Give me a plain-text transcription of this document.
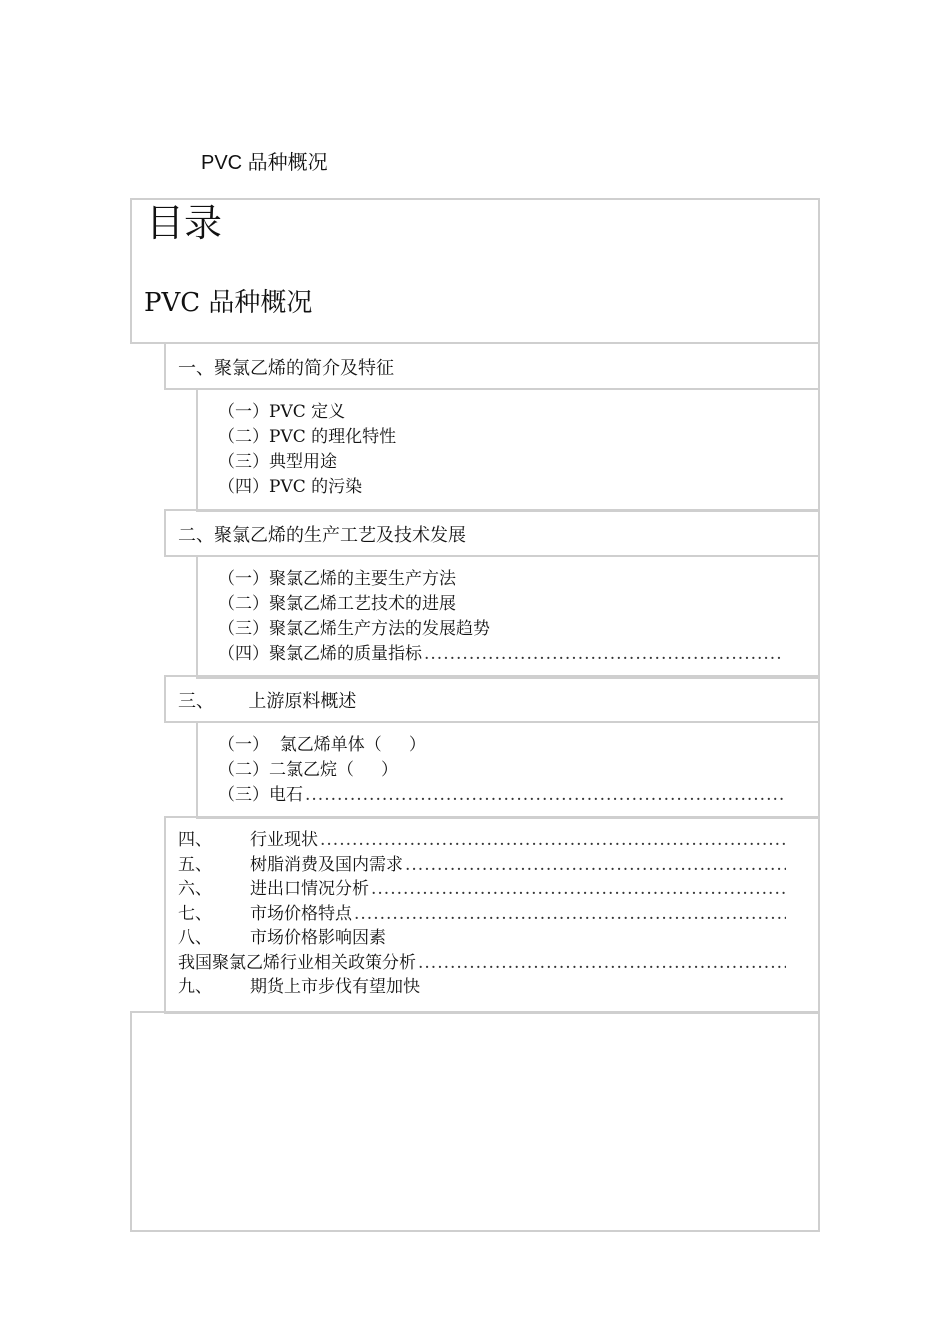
PVC 品种概况
目录
PVC 品种概况
一、聚氯乙烯的简介及特征
（一）PVC 定义
（二）PVC 的理化特性
（三）典型用途
（四）PVC 的污染
二、聚氯乙烯的生产工艺及技术发展
（一）聚氯乙烯的主要生产方法
（二）聚氯乙烯工艺技术的进展
（三）聚氯乙烯生产方法的发展趋势
（四）聚氯乙烯的质量指标
.....
三、      上游原料概述
（一）  氯乙烯单体（     ）
（二）二氯乙烷（     ）
（三）电石
.....
四、	行业现状
.....
五、	树脂消费及国内需求
.....
六、	进出口情况分析
.....
七、	市场价格特点
.....
八、	市场价格影响因素
我国聚氯乙烯行业相关政策分析
.....
九、	期货上市步伐有望加快
